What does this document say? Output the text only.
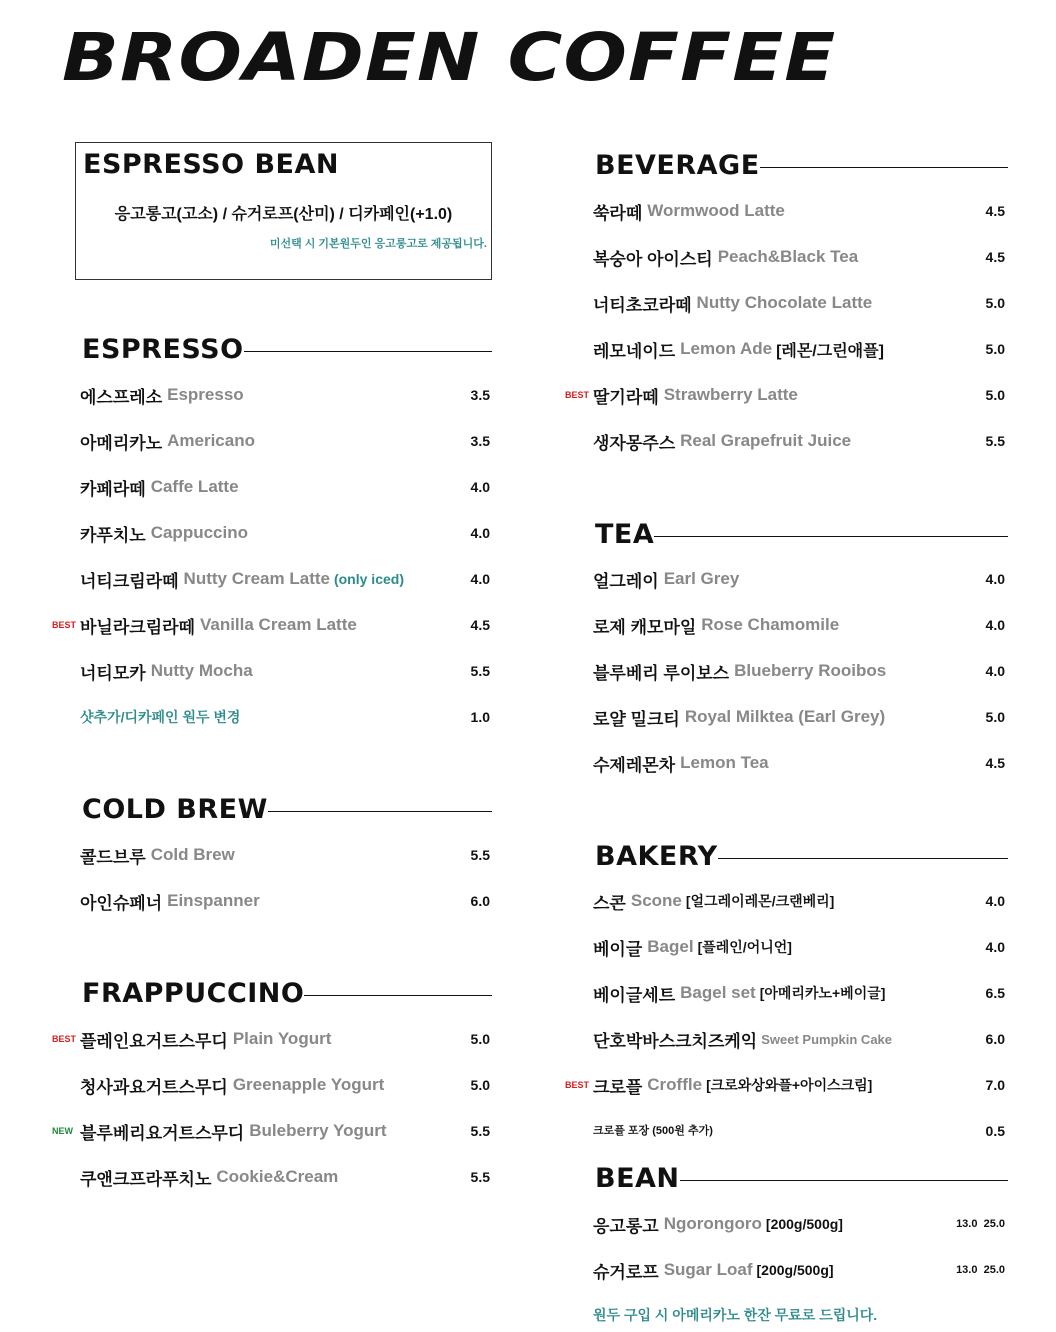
BROADEN COFFEE
ESPRESSO BEAN
응고롱고(고소) / 슈거로프(산미) / 디카페인(+1.0)
미선택 시 기본원두인 응고롱고로 제공됩니다.
ESPRESSO
에스프레소 Espresso	3.5
아메리카노 Americano	3.5
카페라떼 Caffe Latte	4.0
카푸치노 Cappuccino	4.0
너티크림라떼 Nutty Cream Latte (only iced)	4.0
BEST 바닐라크림라떼 Vanilla Cream Latte	4.5
너티모카 Nutty Mocha	5.5
샷추가/디카페인 원두 변경	1.0
COLD BREW
콜드브루 Cold Brew	5.5
아인슈페너 Einspanner	6.0
FRAPPUCCINO
BEST 플레인요거트스무디 Plain Yogurt	5.0
청사과요거트스무디 Greenapple Yogurt	5.0
NEW 블루베리요거트스무디 Buleberry Yogurt	5.5
쿠앤크프라푸치노 Cookie&Cream	5.5
BEVERAGE
쑥라떼 Wormwood Latte	4.5
복숭아 아이스티 Peach&Black Tea	4.5
너티초코라떼 Nutty Chocolate Latte	5.0
레모네이드 Lemon Ade [레몬/그린애플]	5.0
BEST 딸기라떼 Strawberry Latte	5.0
생자몽주스 Real Grapefruit Juice	5.5
TEA
얼그레이 Earl Grey	4.0
로제 캐모마일 Rose Chamomile	4.0
블루베리 루이보스 Blueberry Rooibos	4.0
로얄 밀크티 Royal Milktea (Earl Grey)	5.0
수제레몬차 Lemon Tea	4.5
BAKERY
스콘 Scone [얼그레이레몬/크랜베리]	4.0
베이글 Bagel [플레인/어니언]	4.0
베이글세트 Bagel set [아메리카노+베이글]	6.5
단호박바스크치즈케익 Sweet Pumpkin Cake	6.0
BEST 크로플 Croffle [크로와상와플+아이스크림]	7.0
크로플 포장 (500원 추가)	0.5
BEAN
응고롱고 Ngorongoro [200g/500g]	13.0  25.0
슈거로프 Sugar Loaf [200g/500g]	13.0  25.0
원두 구입 시 아메리카노 한잔 무료로 드립니다.
